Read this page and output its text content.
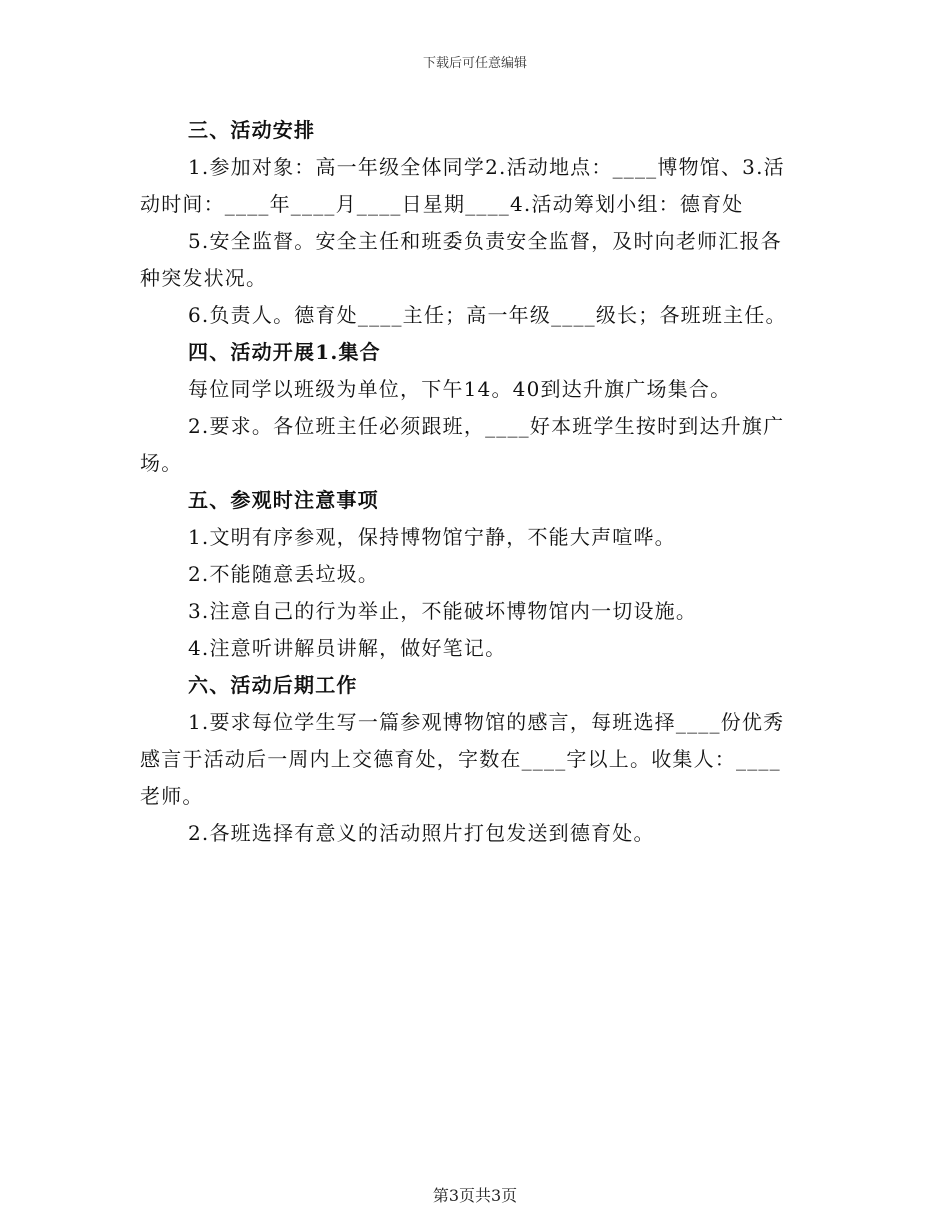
下载后可任意编辑
三、活动安排
1.参加对象：高一年级全体同学2.活动地点：____博物馆、3.活
动时间：____年____月____日星期____4.活动筹划小组：德育处
5.安全监督。安全主任和班委负责安全监督，及时向老师汇报各
种突发状况。
6.负责人。德育处____主任；高一年级____级长；各班班主任。
四、活动开展1.集合
每位同学以班级为单位，下午14。40到达升旗广场集合。
2.要求。各位班主任必须跟班，____好本班学生按时到达升旗广
场。
五、参观时注意事项
1.文明有序参观，保持博物馆宁静，不能大声喧哗。
2.不能随意丢垃圾。
3.注意自己的行为举止，不能破坏博物馆内一切设施。
4.注意听讲解员讲解，做好笔记。
六、活动后期工作
1.要求每位学生写一篇参观博物馆的感言，每班选择____份优秀
感言于活动后一周内上交德育处，字数在____字以上。收集人：____
老师。
2.各班选择有意义的活动照片打包发送到德育处。
第3页共3页
